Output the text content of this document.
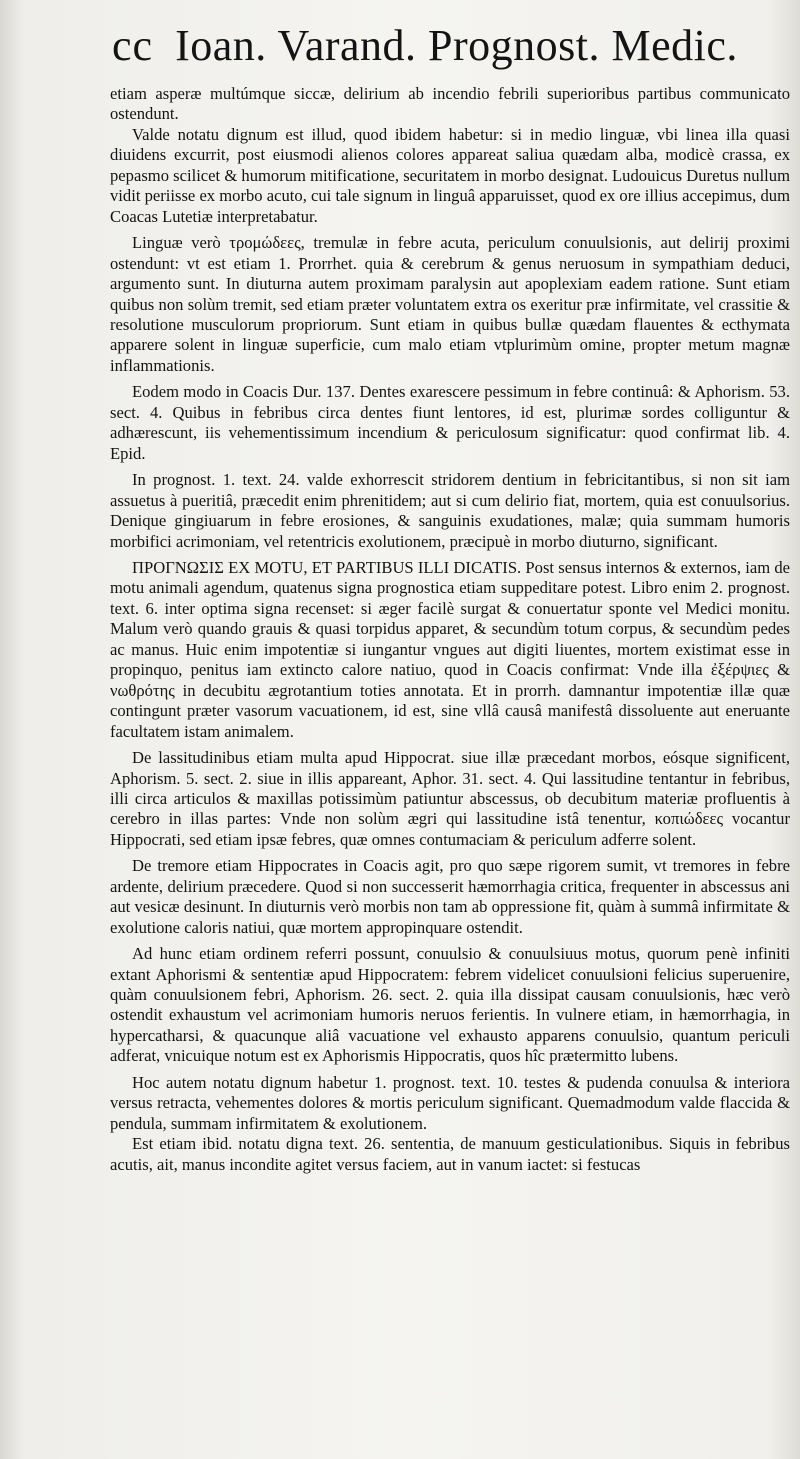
cc Ioan. Varand. Prognost. Medic.

etiam asperæ multúmque siccæ, delirium ab incendio febrili superioribus partibus communicato ostendunt.

Valde notatu dignum est illud, quod ibidem habetur: si in medio linguæ, vbi linea illa quasi diuidens excurrit, post eiusmodi alienos colores appareat saliua quædam alba, modicè crassa, ex pepasmo scilicet & humorum mitificatione, securitatem in morbo designat. Ludouicus Duretus nullum vidit periisse ex morbo acuto, cui tale signum in linguâ apparuisset, quod ex ore illius accepimus, dum Coacas Lutetiæ interpretabatur.

Linguæ verò τρομώδεες, tremulæ in febre acuta, periculum conuulsionis, aut delirij proximi ostendunt: vt est etiam 1. Prorrhet. quia & cerebrum & genus neruosum in sympathiam deduci, argumento sunt. In diuturna autem proximam paralysin aut apoplexiam eadem ratione. Sunt etiam quibus non solùm tremit, sed etiam præter voluntatem extra os exeritur præ infirmitate, vel crassitie & resolutione musculorum propriorum. Sunt etiam in quibus bullæ quædam flauentes & ecthymata apparere solent in linguæ superficie, cum malo etiam vtplurimùm omine, propter metum magnæ inflammationis.

Eodem modo in Coacis Dur. 137. Dentes exarescere pessimum in febre continuâ: & Aphorism. 53. sect. 4. Quibus in febribus circa dentes fiunt lentores, id est, plurimæ sordes colliguntur & adhærescunt, iis vehementissimum incendium & periculosum significatur: quod confirmat lib. 4. Epid.

In prognost. 1. text. 24. valde exhorrescit stridorem dentium in febricitantibus, si non sit iam assuetus à pueritiâ, præcedit enim phrenitidem; aut si cum delirio fiat, mortem, quia est conuulsorius. Denique gingiuarum in febre erosiones, & sanguinis exudationes, malæ; quia summam humoris morbifici acrimoniam, vel retentricis exolutionem, præcipuè in morbo diuturno, significant.

ΠΡΟΓΝΩΣΙΣ EX MOTU, ET PARTIBUS ILLI DICATIS. Post sensus internos & externos, iam de motu animali agendum, quatenus signa prognostica etiam suppeditare potest. Libro enim 2. prognost. text. 6. inter optima signa recenset: si æger facilè surgat & conuertatur sponte vel Medici monitu. Malum verò quando grauis & quasi torpidus apparet, & secundùm totum corpus, & secundùm pedes ac manus. Huic enim impotentiæ si iungantur vngues aut digiti liuentes, mortem existimat esse in propinquo, penitus iam extincto calore natiuo, quod in Coacis confirmat: Vnde illa ἐξέρψιες & νωθρότης in decubitu ægrotantium toties annotata. Et in prorrh. damnantur impotentiæ illæ quæ contingunt præter vasorum vacuationem, id est, sine vllâ causâ manifestâ dissoluente aut eneruante facultatem istam animalem.

De lassitudinibus etiam multa apud Hippocrat. siue illæ præcedant morbos, eósque significent, Aphorism. 5. sect. 2. siue in illis appareant, Aphor. 31. sect. 4. Qui lassitudine tentantur in febribus, illi circa articulos & maxillas potissimùm patiuntur abscessus, ob decubitum materiæ profluentis à cerebro in illas partes: Vnde non solùm ægri qui lassitudine istâ tenentur, κοπιώδεες vocantur Hippocrati, sed etiam ipsæ febres, quæ omnes contumaciam & periculum adferre solent.

De tremore etiam Hippocrates in Coacis agit, pro quo sæpe rigorem sumit, vt tremores in febre ardente, delirium præcedere. Quod si non successerit hæmorrhagia critica, frequenter in abscessus ani aut vesicæ desinunt. In diuturnis verò morbis non tam ab oppressione fit, quàm à summâ infirmitate & exolutione caloris natiui, quæ mortem appropinquare ostendit.

Ad hunc etiam ordinem referri possunt, conuulsio & conuulsiuus motus, quorum penè infiniti extant Aphorismi & sententiæ apud Hippocratem: febrem videlicet conuulsioni felicius superuenire, quàm conuulsionem febri, Aphorism. 26. sect. 2. quia illa dissipat causam conuulsionis, hæc verò ostendit exhaustum vel acrimoniam humoris neruos ferientis. In vulnere etiam, in hæmorrhagia, in hypercatharsi, & quacunque aliâ vacuatione vel exhausto apparens conuulsio, quantum periculi adferat, vnicuique notum est ex Aphorismis Hippocratis, quos hîc prætermitto lubens.

Hoc autem notatu dignum habetur 1. prognost. text. 10. testes & pudenda conuulsa & interiora versus retracta, vehementes dolores & mortis periculum significant. Quemadmodum valde flaccida & pendula, summam infirmitatem & exolutionem.

Est etiam ibid. notatu digna text. 26. sententia, de manuum gesticulationibus. Siquis in febribus acutis, ait, manus incondite agitet versus faciem, aut in vanum iactet: si festucas
